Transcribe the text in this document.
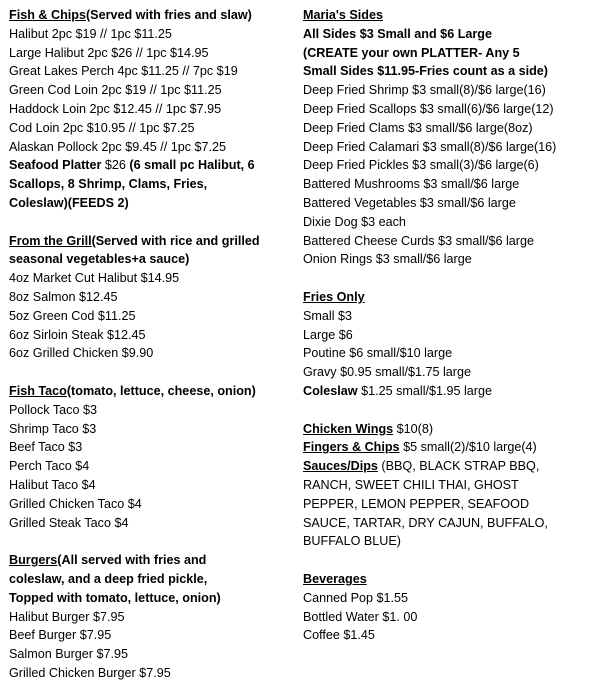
Fish & Chips(Served with fries and slaw)
Halibut 2pc $19 // 1pc $11.25
Large Halibut 2pc $26 // 1pc $14.95
Great Lakes Perch 4pc $11.25 // 7pc $19
Green Cod Loin 2pc $19 // 1pc $11.25
Haddock Loin 2pc $12.45 // 1pc $7.95
Cod Loin 2pc $10.95 // 1pc $7.25
Alaskan Pollock 2pc $9.45 // 1pc $7.25
Seafood Platter $26 (6 small pc Halibut, 6
Scallops, 8 Shrimp, Clams, Fries,
Coleslaw)(FEEDS 2)
From the Grill(Served with rice and grilled
seasonal vegetables+a sauce)
4oz Market Cut Halibut $14.95
8oz Salmon $12.45
5oz Green Cod $11.25
6oz Sirloin Steak $12.45
6oz Grilled Chicken $9.90
Fish Taco(tomato, lettuce, cheese, onion)
Pollock Taco $3
Shrimp Taco $3
Beef Taco $3
Perch Taco $4
Halibut Taco $4
Grilled Chicken Taco $4
Grilled Steak Taco $4
Burgers(All served with fries and
coleslaw, and a deep fried pickle,
Topped with tomato, lettuce, onion)
Halibut Burger $7.95
Beef Burger $7.95
Salmon Burger $7.95
Grilled Chicken Burger $7.95
Maria's Sides
All Sides $3 Small and $6 Large
(CREATE your own PLATTER- Any 5
Small Sides $11.95-Fries count as a side)
Deep Fried Shrimp $3 small(8)/$6 large(16)
Deep Fried Scallops $3 small(6)/$6 large(12)
Deep Fried Clams $3 small/$6 large(8oz)
Deep Fried Calamari $3 small(8)/$6 large(16)
Deep Fried Pickles $3 small(3)/$6 large(6)
Battered Mushrooms $3 small/$6 large
Battered Vegetables $3 small/$6 large
Dixie Dog $3 each
Battered Cheese Curds $3 small/$6 large
Onion Rings $3 small/$6 large
Fries Only
Small $3
Large $6
Poutine $6 small/$10 large
Gravy $0.95 small/$1.75 large
Coleslaw $1.25 small/$1.95 large
Chicken Wings $10(8)
Fingers & Chips $5 small(2)/$10 large(4)
Sauces/Dips (BBQ, BLACK STRAP BBQ,
RANCH, SWEET CHILI THAI, GHOST
PEPPER, LEMON PEPPER, SEAFOOD
SAUCE, TARTAR, DRY CAJUN, BUFFALO,
BUFFALO BLUE)
Beverages
Canned Pop $1.55
Bottled Water $1. 00
Coffee $1.45
